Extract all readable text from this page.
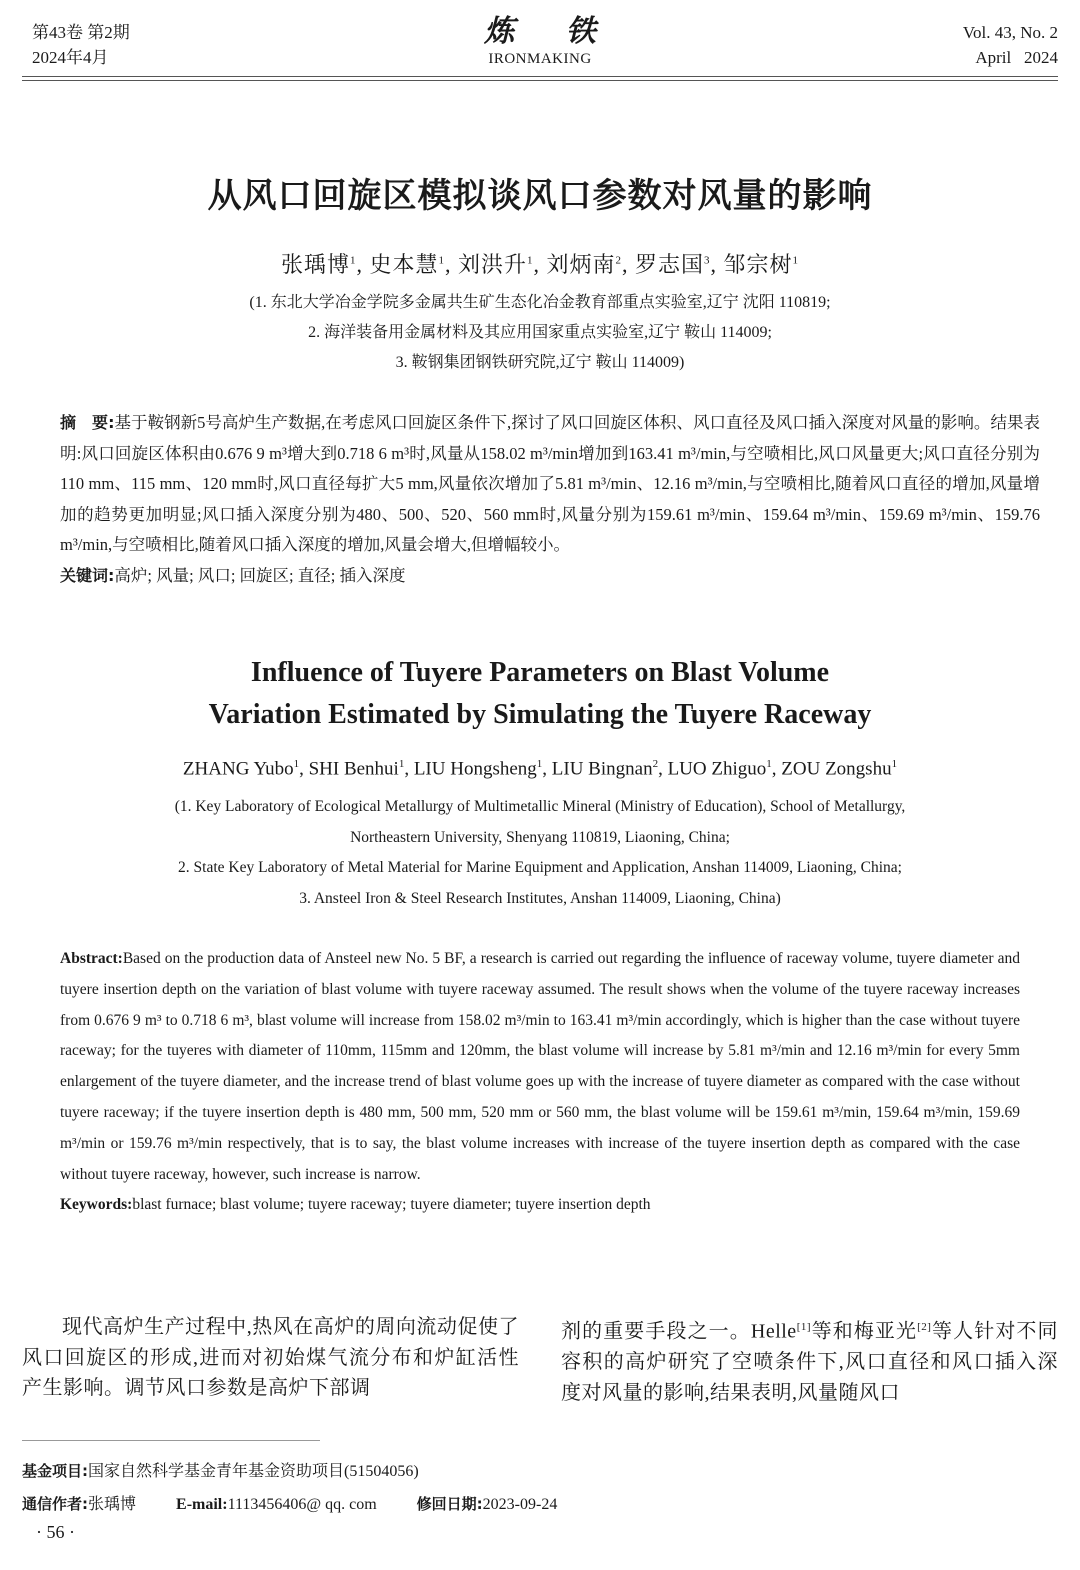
第43卷 第2期
2024年4月
炼 铁
IRONMAKING
Vol. 43, No. 2
April   2024
从风口回旋区模拟谈风口参数对风量的影响
张瑀博$^1$, 史本慧$^1$, 刘洪升$^1$, 刘炳南$^2$, 罗志国$^3$, 邹宗树$^1$
(1. 东北大学冶金学院多金属共生矿生态化冶金教育部重点实验室,辽宁 沈阳 110819;
2. 海洋装备用金属材料及其应用国家重点实验室,辽宁 鞍山 114009;
3. 鞍钢集团钢铁研究院,辽宁 鞍山 114009)

摘　要:基于鞍钢新5号高炉生产数据,在考虑风口回旋区条件下,探讨了风口回旋区体积、风口直径及风口插入深度对风量的影响。结果表明:风口回旋区体积由0.676 9 m³增大到0.718 6 m³时,风量从158.02 m³/min增加到163.41 m³/min,与空喷相比,风口风量更大;风口直径分别为110 mm、115 mm、120 mm时,风口直径每扩大5 mm,风量依次增加了5.81 m³/min、12.16 m³/min,与空喷相比,随着风口直径的增加,风量增加的趋势更加明显;风口插入深度分别为480、500、520、560 mm时,风量分别为159.61 m³/min、159.64 m³/min、159.69 m³/min、159.76 m³/min,与空喷相比,随着风口插入深度的增加,风量会增大,但增幅较小。

关键词:高炉; 风量; 风口; 回旋区; 直径; 插入深度

Influence of Tuyere Parameters on Blast Volume
Variation Estimated by Simulating the Tuyere Raceway
ZHANG Yubo$^1$, SHI Benhui$^1$, LIU Hongsheng$^1$, LIU Bingnan$^2$, LUO Zhiguo$^1$, ZOU Zongshu$^1$
(1. Key Laboratory of Ecological Metallurgy of Multimetallic Mineral (Ministry of Education), School of Metallurgy,
Northeastern University, Shenyang 110819, Liaoning, China;
2. State Key Laboratory of Metal Material for Marine Equipment and Application, Anshan 114009, Liaoning, China;
3. Ansteel Iron & Steel Research Institutes, Anshan 114009, Liaoning, China)

Abstract:Based on the production data of Ansteel new No. 5 BF, a research is carried out regarding the influence of raceway volume, tuyere diameter and tuyere insertion depth on the variation of blast volume with tuyere raceway assumed. The result shows when the volume of the tuyere raceway increases from 0.676 9 m³ to 0.718 6 m³, blast volume will increase from 158.02 m³/min to 163.41 m³/min accordingly, which is higher than the case without tuyere raceway; for the tuyeres with diameter of 110mm, 115mm and 120mm, the blast volume will increase by 5.81 m³/min and 12.16 m³/min for every 5mm enlargement of the tuyere diameter, and the increase trend of blast volume goes up with the increase of tuyere diameter as compared with the case without tuyere raceway; if the tuyere insertion depth is 480 mm, 500 mm, 520 mm or 560 mm, the blast volume will be 159.61 m³/min, 159.64 m³/min, 159.69 m³/min or 159.76 m³/min respectively, that is to say, the blast volume increases with increase of the tuyere insertion depth as compared with the case without tuyere raceway, however, such increase is narrow.

Keywords:blast furnace; blast volume; tuyere raceway; tuyere diameter; tuyere insertion depth

现代高炉生产过程中,热风在高炉的周向流动促使了风口回旋区的形成,进而对初始煤气流分布和炉缸活性产生影响。调节风口参数是高炉下部调

剂的重要手段之一。Helle[1]等和梅亚光[2]等人针对不同容积的高炉研究了空喷条件下,风口直径和风口插入深度对风量的影响,结果表明,风量随风口

基金项目:国家自然科学基金青年基金资助项目(51504056)
通信作者:张瑀博	E-mail:1113456406@ qq. com	修回日期:2023-09-24
· 56 ·
